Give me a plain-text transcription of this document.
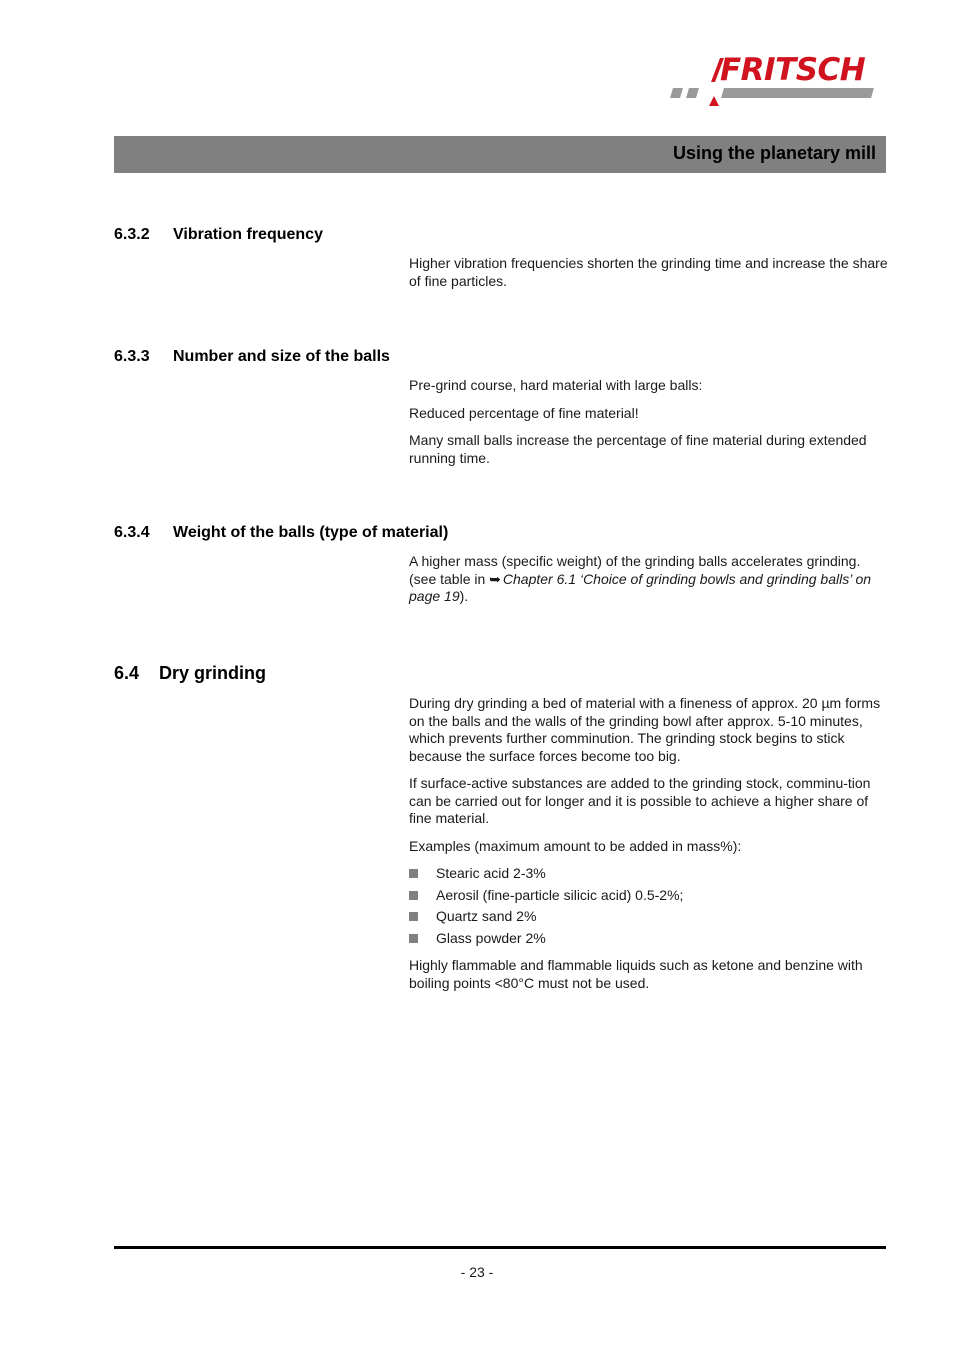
FRITSCH
Using the planetary mill
6.3.2 Vibration frequency

Higher vibration frequencies shorten the grinding time and increase the share of fine particles.

6.3.3 Number and size of the balls

Pre-grind course, hard material with large balls:

Reduced percentage of fine material!

Many small balls increase the percentage of fine material during extended running time.

6.3.4 Weight of the balls (type of material)

A higher mass (specific weight) of the grinding balls accelerates grinding. (see table in ➥ Chapter 6.1 ‘Choice of grinding bowls and grinding balls’ on page 19).

6.4 Dry grinding

During dry grinding a bed of material with a fineness of approx. 20 µm forms on the balls and the walls of the grinding bowl after approx. 5-10 minutes, which prevents further comminution. The grinding stock begins to stick because the surface forces become too big.

If surface-active substances are added to the grinding stock, comminu-tion can be carried out for longer and it is possible to achieve a higher share of fine material.

Examples (maximum amount to be added in mass%):

Stearic acid 2-3%
Aerosil (fine-particle silicic acid) 0.5-2%;
Quartz sand 2%
Glass powder 2%

Highly flammable and flammable liquids such as ketone and benzine with boiling points <80°C must not be used.

- 23 -
